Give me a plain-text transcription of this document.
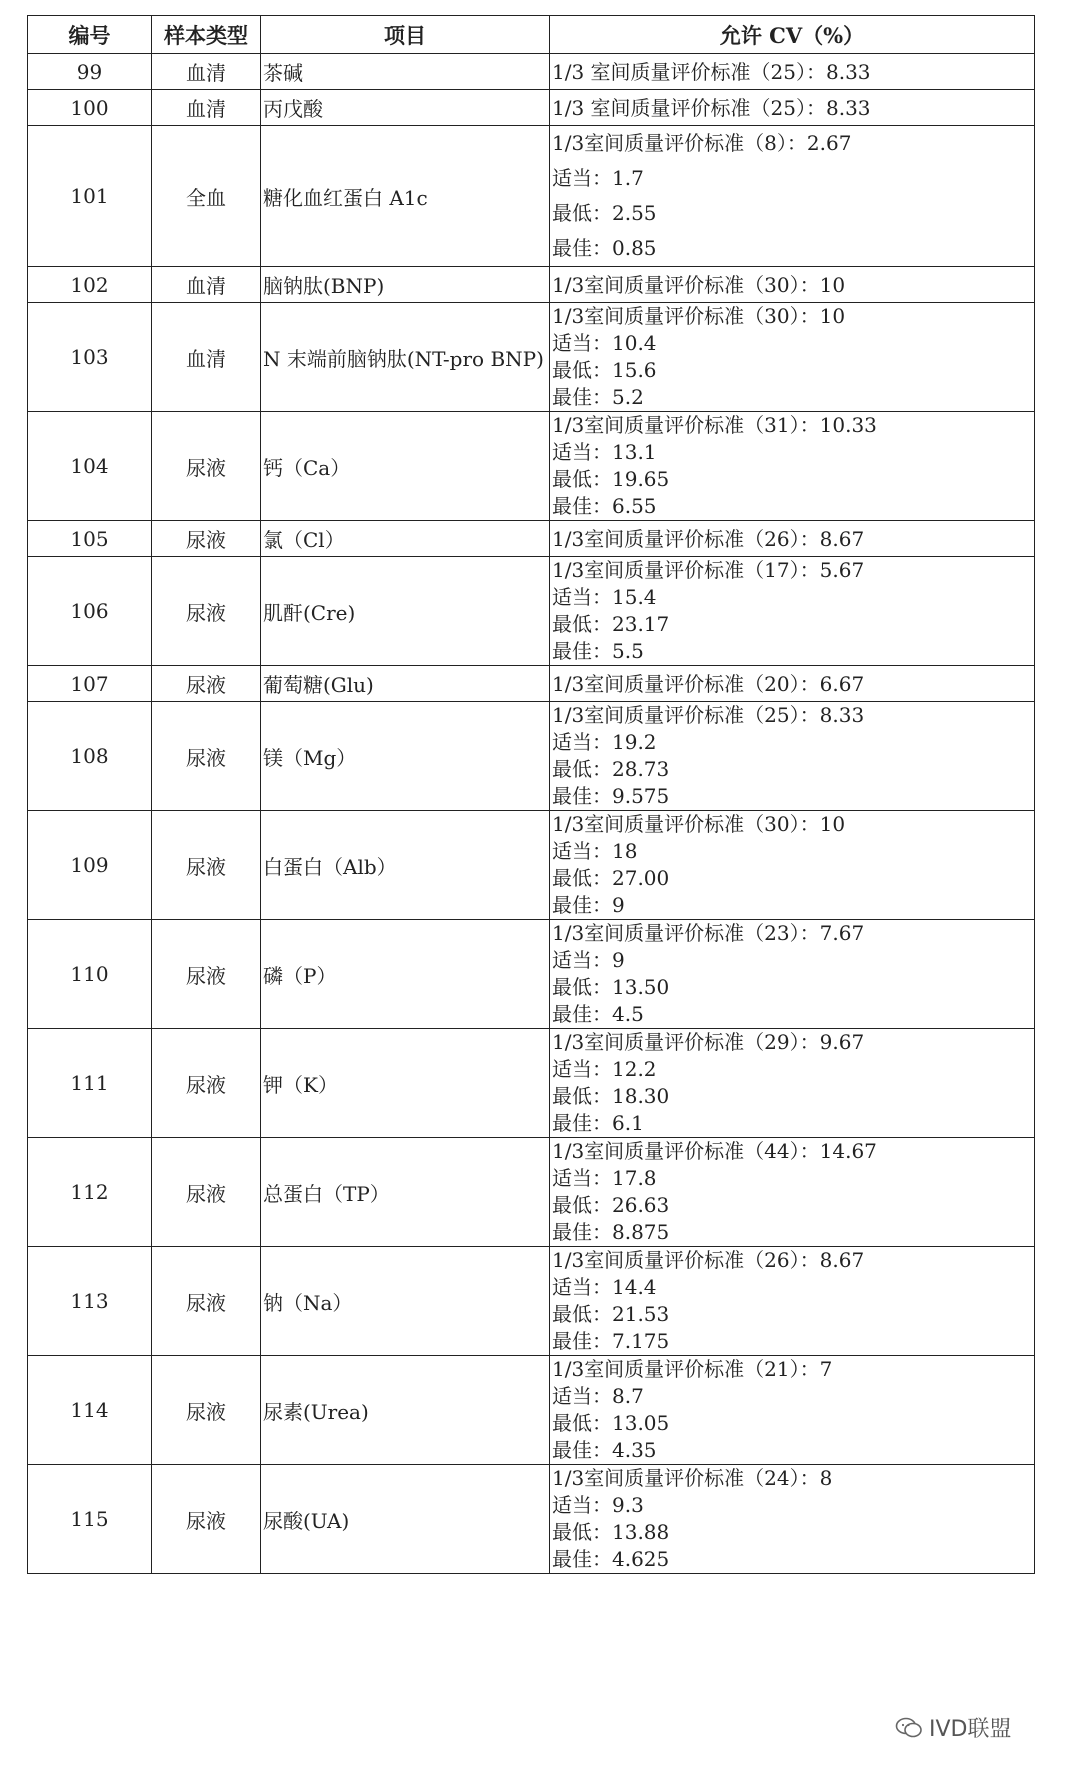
编号	样本类型	项目	允许 CV（%）
99	血清	茶碱	1/3 室间质量评价标准（25）：8.33

100	血清	丙戊酸	1/3 室间质量评价标准（25）：8.33

101	全血	糖化血红蛋白 A1c	1/3室间质量评价标准（8）：2.67
适当：1.7
最低：2.55
最佳：0.85

102	血清	脑钠肽(BNP)	1/3室间质量评价标准（30）：10

103	血清	N 末端前脑钠肽(NT-pro BNP)	1/3室间质量评价标准（30）：10
适当：10.4
最低：15.6
最佳：5.2

104	尿液	钙（Ca）	1/3室间质量评价标准（31）：10.33
适当：13.1
最低：19.65
最佳：6.55

105	尿液	氯（Cl）	1/3室间质量评价标准（26）：8.67

106	尿液	肌酐(Cre)	1/3室间质量评价标准（17）：5.67
适当：15.4
最低：23.17
最佳：5.5

107	尿液	葡萄糖(Glu)	1/3室间质量评价标准（20）：6.67

108	尿液	镁（Mg）	1/3室间质量评价标准（25）：8.33
适当：19.2
最低：28.73
最佳：9.575

109	尿液	白蛋白（Alb）	1/3室间质量评价标准（30）：10
适当：18
最低：27.00
最佳：9

110	尿液	磷（P）	1/3室间质量评价标准（23）：7.67
适当：9
最低：13.50
最佳：4.5

111	尿液	钾（K）	1/3室间质量评价标准（29）：9.67
适当：12.2
最低：18.30
最佳：6.1

112	尿液	总蛋白（TP）	1/3室间质量评价标准（44）：14.67
适当：17.8
最低：26.63
最佳：8.875

113	尿液	钠（Na）	1/3室间质量评价标准（26）：8.67
适当：14.4
最低：21.53
最佳：7.175

114	尿液	尿素(Urea)	1/3室间质量评价标准（21）：7
适当：8.7
最低：13.05
最佳：4.35

115	尿液	尿酸(UA)	1/3室间质量评价标准（24）：8
适当：9.3
最低：13.88
最佳：4.625
IVD联盟
